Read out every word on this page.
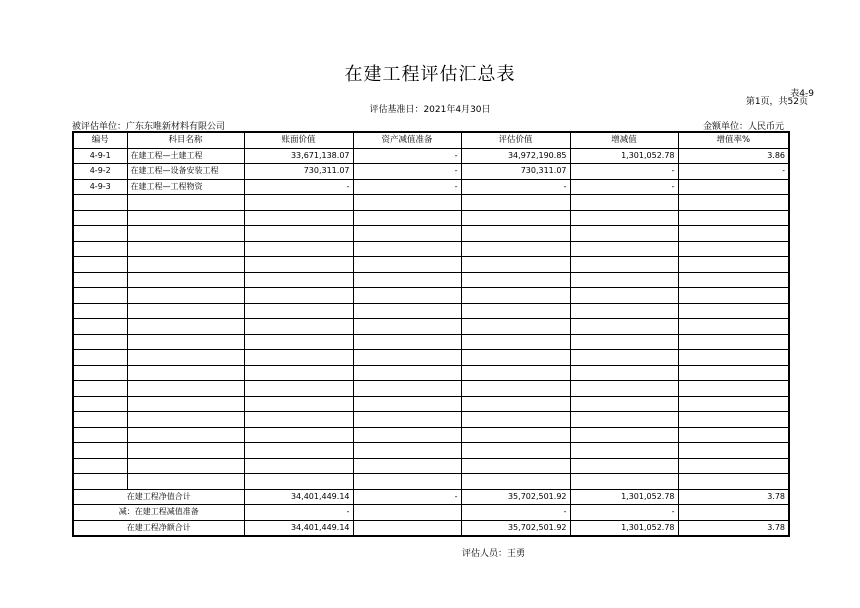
在建工程评估汇总表
表4-9
第1页，共52页
评估基准日：2021年4月30日
被评估单位：广东东唯新材料有限公司	金额单位：人民币元
编号	科目名称	账面价值	资产减值准备	评估价值	增减值	增值率%
4-9-1	在建工程—土建工程	33,671,138.07	-	34,972,190.85	1,301,052.78	3.86
4-9-2	在建工程—设备安装工程	730,311.07	-	730,311.07	-	-
4-9-3	在建工程—工程物资	-	-	-	-	

在建工程净值合计		34,401,449.14	-	35,702,501.92	1,301,052.78	3.78
减：在建工程减值准备		-		-	-	
在建工程净额合计		34,401,449.14		35,702,501.92	1,301,052.78	3.78
评估人员：王勇
